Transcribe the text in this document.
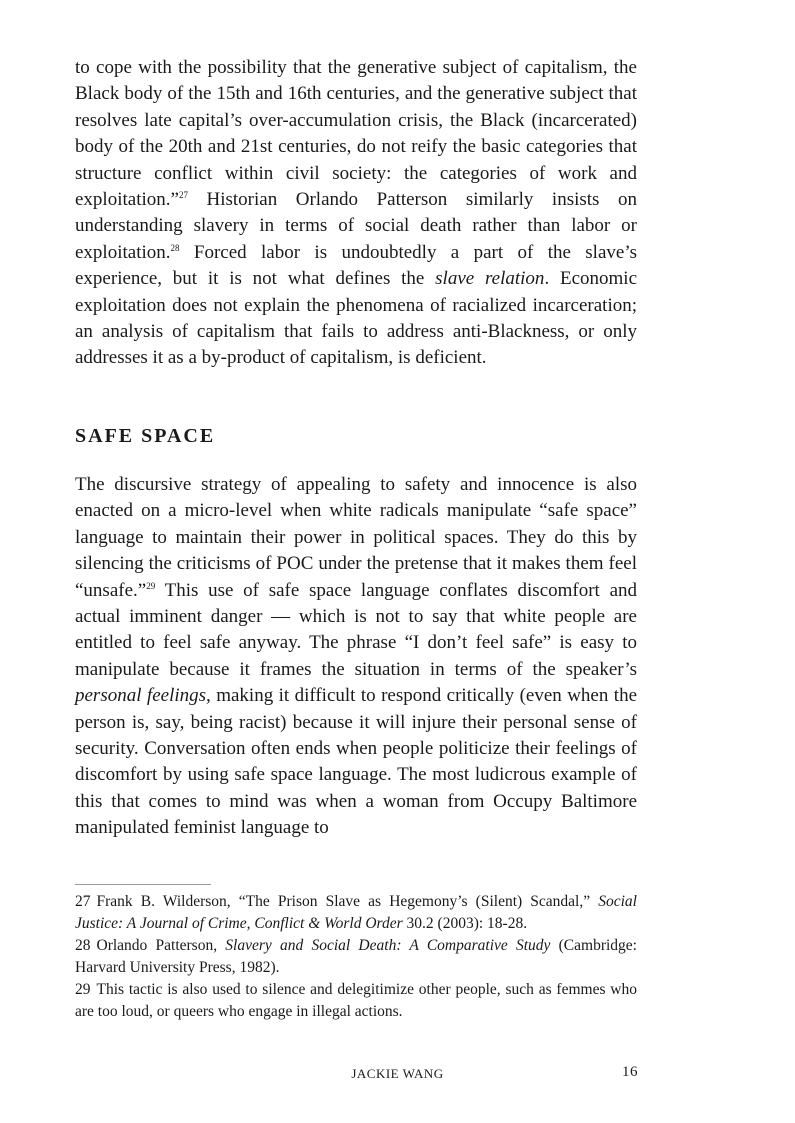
to cope with the possibility that the generative subject of capitalism, the Black body of the 15th and 16th centuries, and the generative subject that resolves late capital’s over-accumulation crisis, the Black (incarcerated) body of the 20th and 21st centuries, do not reify the basic categories that structure conflict within civil society: the categories of work and exploitation.”$^{27}$ Historian Orlando Patterson similarly insists on understanding slavery in terms of social death rather than labor or exploitation.$^{28}$ Forced labor is undoubtedly a part of the slave’s experience, but it is not what defines the slave relation. Economic exploitation does not explain the phenomena of racialized incarceration; an analysis of capitalism that fails to address anti-Blackness, or only addresses it as a by-product of capitalism, is deficient.

SAFE SPACE

The discursive strategy of appealing to safety and innocence is also enacted on a micro-level when white radicals manipulate “safe space” language to maintain their power in political spaces. They do this by silencing the criticisms of POC under the pretense that it makes them feel “unsafe.”$^{29}$ This use of safe space language conflates discomfort and actual imminent danger — which is not to say that white people are entitled to feel safe anyway. The phrase “I don’t feel safe” is easy to manipulate because it frames the situation in terms of the speaker’s personal feelings, making it difficult to respond critically (even when the person is, say, being racist) because it will injure their personal sense of security. Conversation often ends when people politicize their feelings of discomfort by using safe space language. The most ludicrous example of this that comes to mind was when a woman from Occupy Baltimore manipulated feminist language to

27 Frank B. Wilderson, “The Prison Slave as Hegemony’s (Silent) Scandal,” Social Justice: A Journal of Crime, Conflict & World Order 30.2 (2003): 18-28.

28 Orlando Patterson, Slavery and Social Death: A Comparative Study (Cambridge: Harvard University Press, 1982).

29 This tactic is also used to silence and delegitimize other people, such as femmes who are too loud, or queers who engage in illegal actions.

JACKIE WANG	16
